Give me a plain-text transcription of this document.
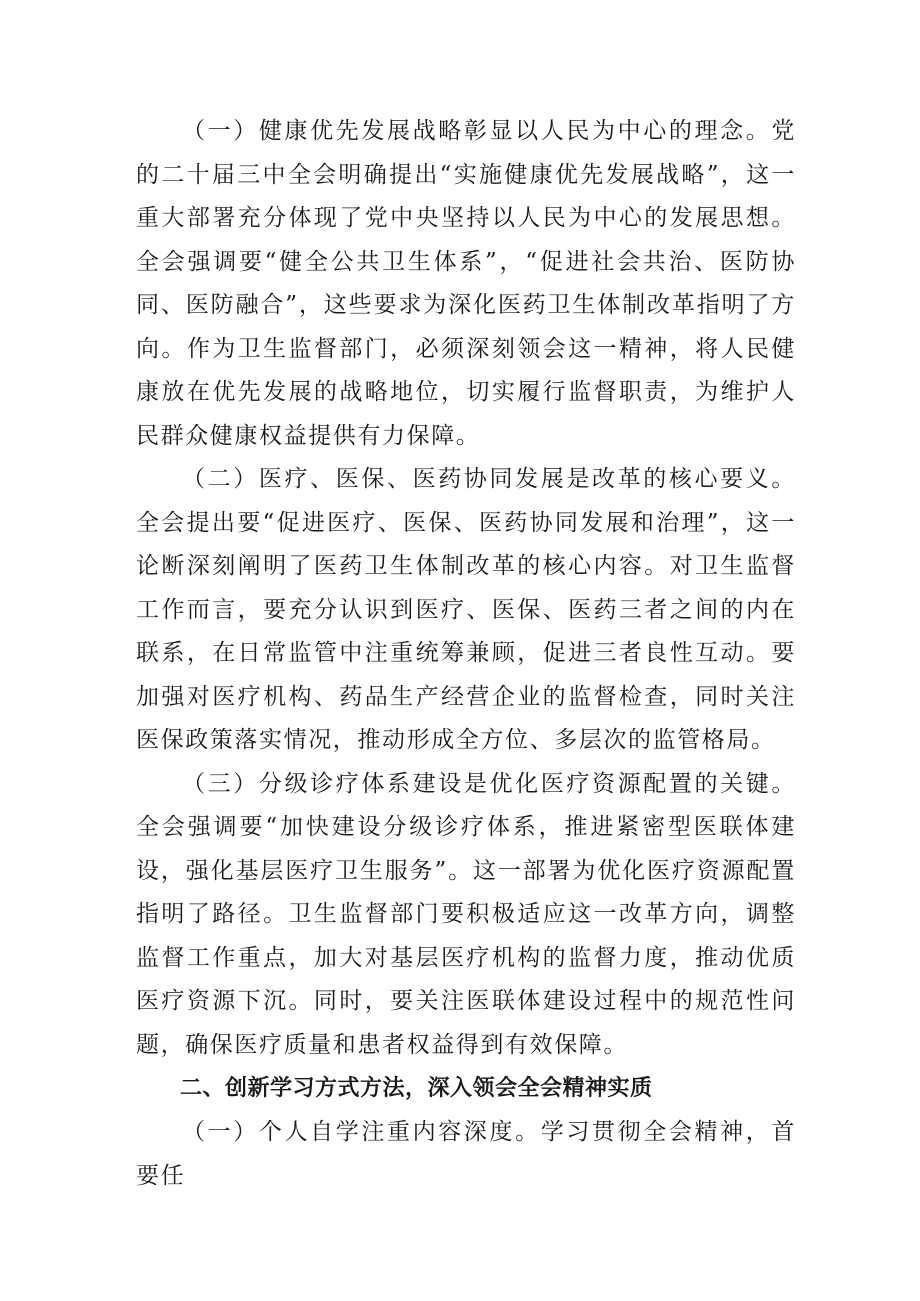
（一）健康优先发展战略彰显以人民为中心的理念。党的二十届三中全会明确提出“实施健康优先发展战略”，这一重大部署充分体现了党中央坚持以人民为中心的发展思想。全会强调要“健全公共卫生体系”，“促进社会共治、医防协同、医防融合”，这些要求为深化医药卫生体制改革指明了方向。作为卫生监督部门，必须深刻领会这一精神，将人民健康放在优先发展的战略地位，切实履行监督职责，为维护人民群众健康权益提供有力保障。

（二）医疗、医保、医药协同发展是改革的核心要义。全会提出要“促进医疗、医保、医药协同发展和治理”，这一论断深刻阐明了医药卫生体制改革的核心内容。对卫生监督工作而言，要充分认识到医疗、医保、医药三者之间的内在联系，在日常监管中注重统筹兼顾，促进三者良性互动。要加强对医疗机构、药品生产经营企业的监督检查，同时关注医保政策落实情况，推动形成全方位、多层次的监管格局。

（三）分级诊疗体系建设是优化医疗资源配置的关键。全会强调要“加快建设分级诊疗体系，推进紧密型医联体建设，强化基层医疗卫生服务”。这一部署为优化医疗资源配置指明了路径。卫生监督部门要积极适应这一改革方向，调整监督工作重点，加大对基层医疗机构的监督力度，推动优质医疗资源下沉。同时，要关注医联体建设过程中的规范性问题，确保医疗质量和患者权益得到有效保障。

二、创新学习方式方法，深入领会全会精神实质

（一）个人自学注重内容深度。学习贯彻全会精神，首要任
